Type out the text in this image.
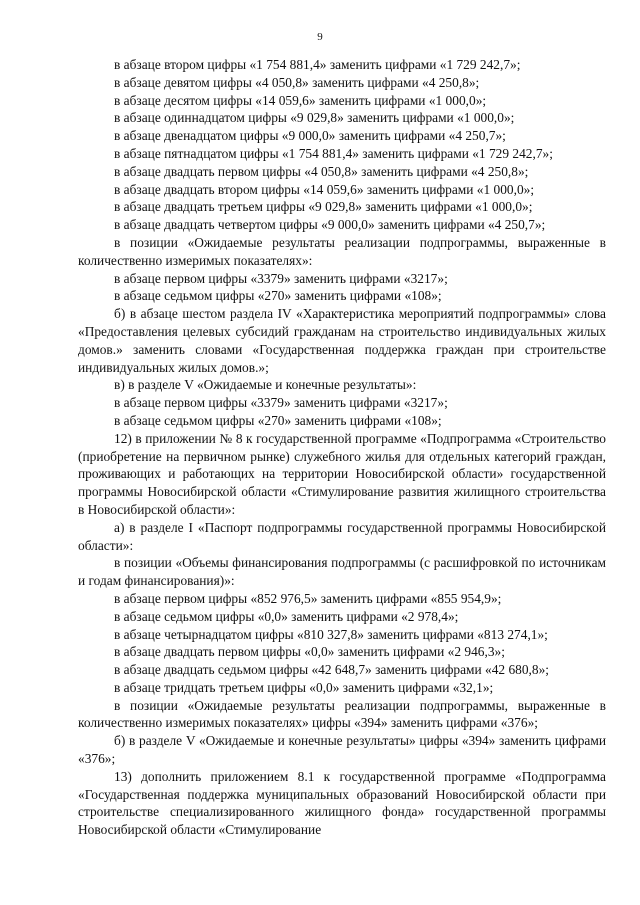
9

в абзаце втором цифры «1 754 881,4» заменить цифрами «1 729 242,7»;

в абзаце девятом цифры «4 050,8» заменить цифрами «4 250,8»;

в абзаце десятом цифры «14 059,6» заменить цифрами «1 000,0»;

в абзаце одиннадцатом цифры «9 029,8» заменить цифрами «1 000,0»;

в абзаце двенадцатом цифры «9 000,0» заменить цифрами «4 250,7»;

в абзаце пятнадцатом цифры «1 754 881,4» заменить цифрами «1 729 242,7»;

в абзаце двадцать первом цифры «4 050,8» заменить цифрами «4 250,8»;

в абзаце двадцать втором цифры «14 059,6» заменить цифрами «1 000,0»;

в абзаце двадцать третьем цифры «9 029,8» заменить цифрами «1 000,0»;

в абзаце двадцать четвертом цифры «9 000,0» заменить цифрами «4 250,7»;

в позиции «Ожидаемые результаты реализации подпрограммы, выраженные в количественно измеримых показателях»:

в абзаце первом цифры «3379» заменить цифрами «3217»;

в абзаце седьмом цифры «270» заменить цифрами «108»;

б) в абзаце шестом раздела IV «Характеристика мероприятий подпрограммы» слова «Предоставления целевых субсидий гражданам на строительство индивидуальных жилых домов.» заменить словами «Государственная поддержка граждан при строительстве индивидуальных жилых домов.»;

в) в разделе V «Ожидаемые и конечные результаты»:

в абзаце первом цифры «3379» заменить цифрами «3217»;

в абзаце седьмом цифры «270» заменить цифрами «108»;

12) в приложении № 8 к государственной программе «Подпрограмма «Строительство (приобретение на первичном рынке) служебного жилья для отдельных категорий граждан, проживающих и работающих на территории Новосибирской области» государственной программы Новосибирской области «Стимулирование развития жилищного строительства в Новосибирской области»:

а) в разделе I «Паспорт подпрограммы государственной программы Новосибирской области»:

в позиции «Объемы финансирования подпрограммы (с расшифровкой по источникам и годам финансирования)»:

в абзаце первом цифры «852 976,5» заменить цифрами «855 954,9»;

в абзаце седьмом цифры «0,0» заменить цифрами «2 978,4»;

в абзаце четырнадцатом цифры «810 327,8» заменить цифрами «813 274,1»;

в абзаце двадцать первом цифры «0,0» заменить цифрами «2 946,3»;

в абзаце двадцать седьмом цифры «42 648,7» заменить цифрами «42 680,8»;

в абзаце тридцать третьем цифры «0,0» заменить цифрами «32,1»;

в позиции «Ожидаемые результаты реализации подпрограммы, выраженные в количественно измеримых показателях» цифры «394» заменить цифрами «376»;

б) в разделе V «Ожидаемые и конечные результаты» цифры «394» заменить цифрами «376»;

13) дополнить приложением 8.1 к государственной программе «Подпрограмма «Государственная поддержка муниципальных образований Новосибирской области при строительстве специализированного жилищного фонда» государственной программы Новосибирской области «Стимулирование
